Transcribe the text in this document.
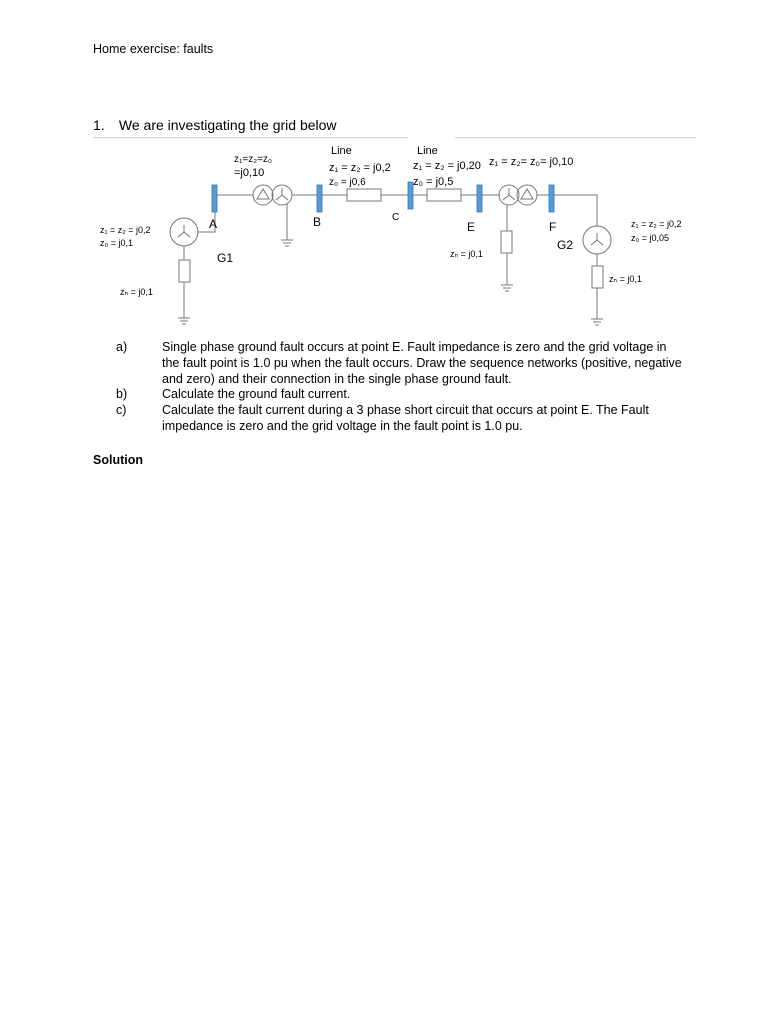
Home exercise: faults
1. We are investigating the grid below
A	B	C
E	F
G1
z₁ = z₂ = j0,2
z₀ = j0,1
zₙ = j0,1
z₁=z₂=z₀
=j0,10
Line
z₁ = z₂ = j0,2
z₀ = j0,6
Line
z₁ = z₂ = j0,20
z₀ = j0,5
z₁ = z₂= z₀= j0,10
zₙ = j0,1
G2
z₁ = z₂ = j0,2
z₀ = j0,05
zₙ = j0,1
a)	Single phase ground fault occurs at point E. Fault impedance is zero and the grid voltage in the fault point is 1.0 pu when the fault occurs. Draw the sequence networks (positive, negative and zero) and their connection in the single phase ground fault.
b)	Calculate the ground fault current.
c)	Calculate the fault current during a 3 phase short circuit that occurs at point E. The Fault impedance is zero and the grid voltage in the fault point is 1.0 pu.
Solution
